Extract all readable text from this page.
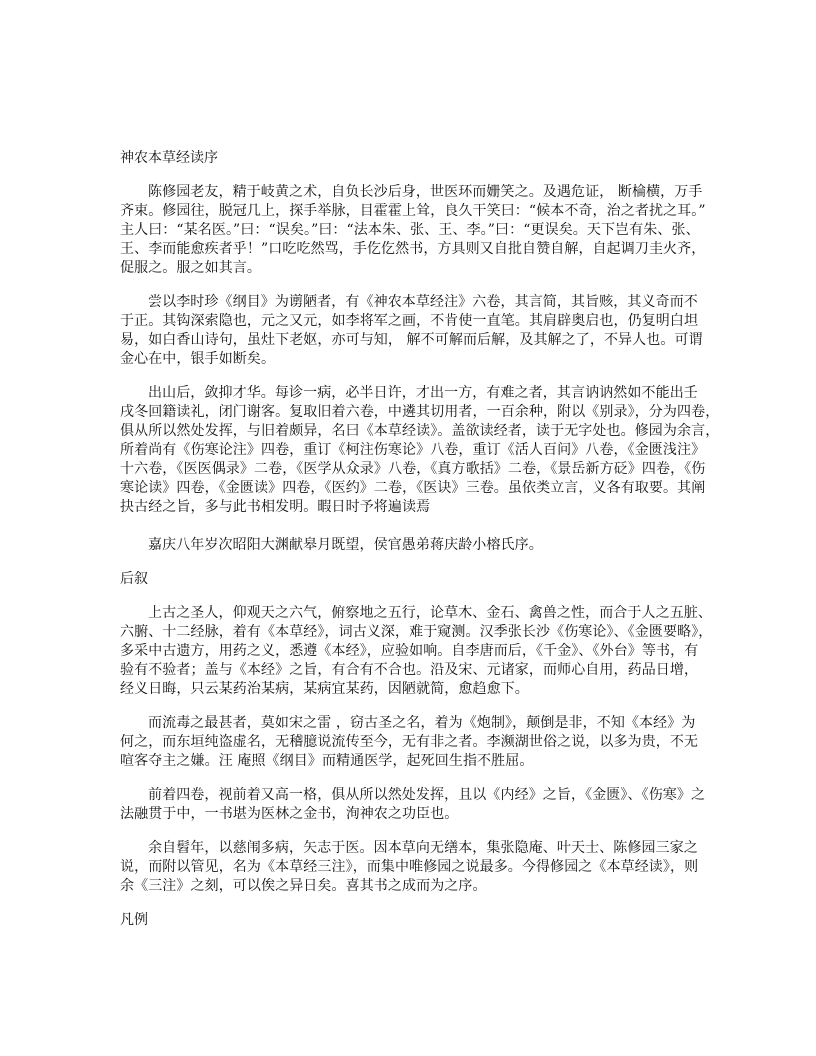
神农本草经读序
陈修园老友，精于岐黄之术，自负长沙后身，世医环而姗笑之。及遇危证， 断棆横，万手
齐束。修园往，脱冠几上，探手举脉，目霍霍上耸，良久干笑曰：“候本不奇，治之者扰之耳。”
主人曰：“某名医。”曰：“误矣。”曰：“法本朱、张、王、李。”曰：“更误矣。天下岂有朱、张、
王、李而能愈疾者乎！”口吃吃然骂，手仡仡然书，方具则又自批自赞自解，自起调刀圭火齐，
促服之。服之如其言。
尝以李时珍《纲目》为谫陋者，有《神农本草经注》六卷，其言简，其旨赅，其义奇而不
于正。其钩深索隐也，元之又元，如李将军之画，不肯使一直笔。其肩辟奥启也，仍复明白坦
易，如白香山诗句，虽灶下老妪，亦可与知， 解不可解而后解，及其解之了，不异人也。可谓
金心在中，银手如断矣。
出山后，敛抑才华。每诊一病，必半日许，才出一方，有难之者，其言讷讷然如不能出壬
戌冬回籍读礼，闭门谢客。复取旧着六卷，中遴其切用者，一百余种，附以《别录》，分为四卷，
俱从所以然处发挥，与旧着颇异，名曰《本草经读》。盖欲读经者，读于无字处也。修园为余言，
所着尚有《伤寒论注》四卷，重订《柯注伤寒论》八卷，重订《活人百问》八卷，《金匮浅注》
十六卷，《医医偶录》二卷，《医学从众录》八卷，《真方歌括》二卷，《景岳新方砭》四卷，《伤
寒论读》四卷，《金匮读》四卷，《医约》二卷，《医诀》三卷。虽依类立言，义各有取要。其阐
抉古经之旨，多与此书相发明。暇日时予将遍读焉
嘉庆八年岁次昭阳大渊献皋月既望，侯官愚弟蒋庆龄小榕氏序。
后叙
上古之圣人，仰观天之六气，俯察地之五行，论草木、金石、禽兽之性，而合于人之五脏、
六腑、十二经脉，着有《本草经》，词古义深，难于窥测。汉季张长沙《伤寒论》、《金匮要略》，
多采中古遗方，用药之义，悉遵《本经》，应验如响。自李唐而后，《千金》、《外台》等书，有
验有不验者；盖与《本经》之旨，有合有不合也。沿及宋、元诸家，而师心自用，药品日增，
经义日晦，只云某药治某病，某病宜某药，因陋就简，愈趋愈下。
而流毒之最甚者，莫如宋之雷 ，窃古圣之名，着为《炮制》，颠倒是非，不知《本经》为
何之，而东垣纯盗虚名，无稽臆说流传至今，无有非之者。李濒湖世俗之说，以多为贵，不无
喧客夺主之嫌。汪 庵照《纲目》而精通医学，起死回生指不胜屈。
前着四卷，视前着又高一格，俱从所以然处发挥，且以《内经》之旨，《金匮》、《伤寒》之
法融贯于中，一书堪为医林之金书，洵神农之功臣也。
余自髫年，以慈闱多病，矢志于医。因本草向无缮本，集张隐庵、叶天士、陈修园三家之
说，而附以管见，名为《本草经三注》，而集中唯修园之说最多。今得修园之《本草经读》，则
余《三注》之刻，可以俟之异日矣。喜其书之成而为之序。
凡例
